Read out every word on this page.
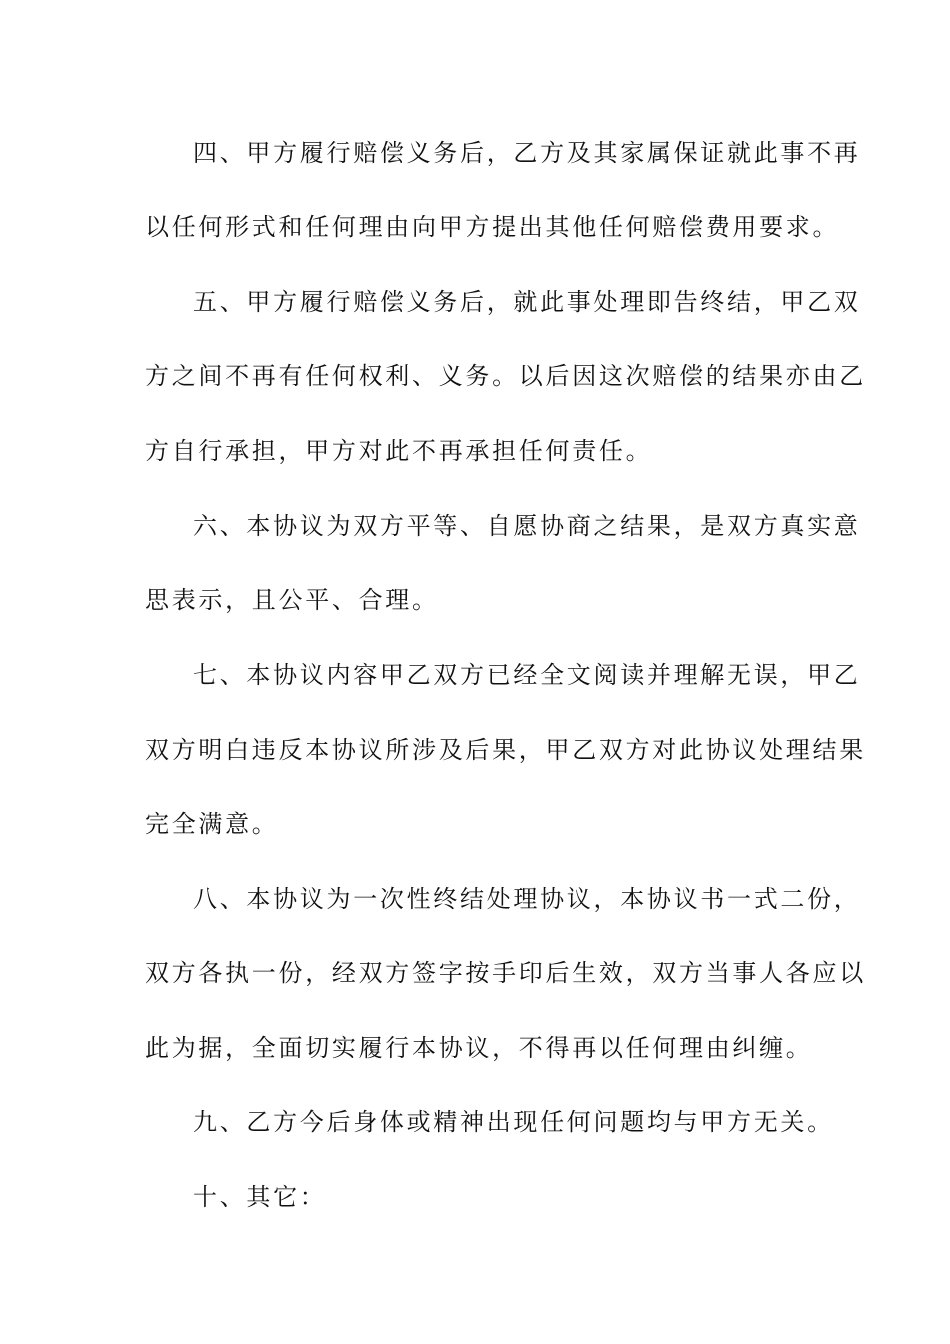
四、甲方履行赔偿义务后，乙方及其家属保证就此事不再
以任何形式和任何理由向甲方提出其他任何赔偿费用要求。
五、甲方履行赔偿义务后，就此事处理即告终结，甲乙双
方之间不再有任何权利、义务。以后因这次赔偿的结果亦由乙
方自行承担，甲方对此不再承担任何责任。
六、本协议为双方平等、自愿协商之结果，是双方真实意
思表示，且公平、合理。
七、本协议内容甲乙双方已经全文阅读并理解无误，甲乙
双方明白违反本协议所涉及后果，甲乙双方对此协议处理结果
完全满意。
八、本协议为一次性终结处理协议，本协议书一式二份，
双方各执一份，经双方签字按手印后生效，双方当事人各应以
此为据，全面切实履行本协议，不得再以任何理由纠缠。
九、乙方今后身体或精神出现任何问题均与甲方无关。
十、其它：
